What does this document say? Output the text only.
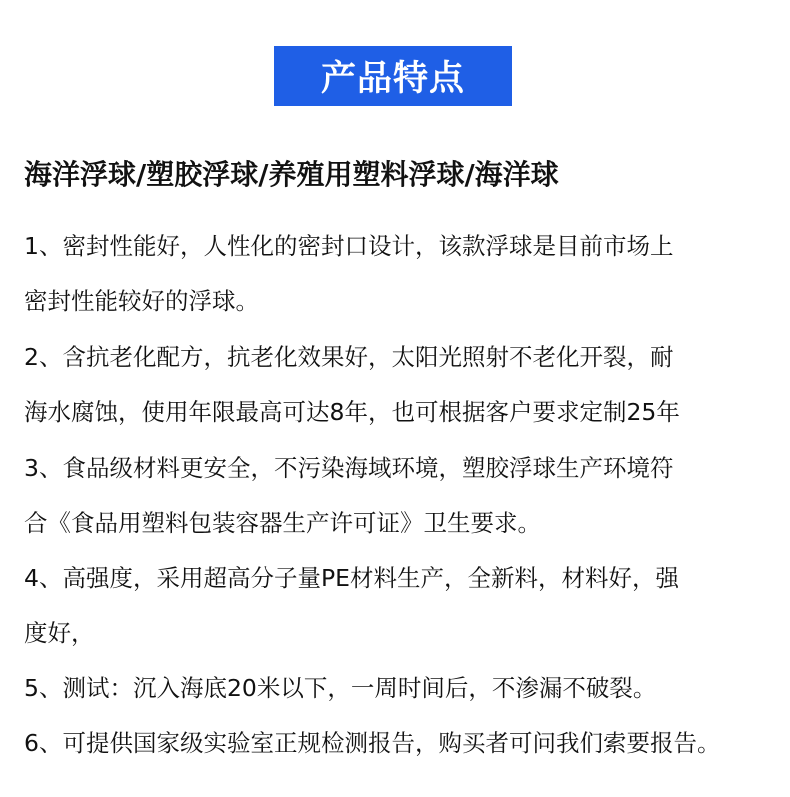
产品特点
海洋浮球/塑胶浮球/养殖用塑料浮球/海洋球
1、密封性能好，人性化的密封口设计，该款浮球是目前市场上
密封性能较好的浮球。
2、含抗老化配方，抗老化效果好，太阳光照射不老化开裂，耐
海水腐蚀，使用年限最高可达8年，也可根据客户要求定制25年
3、食品级材料更安全，不污染海域环境，塑胶浮球生产环境符
合《食品用塑料包装容器生产许可证》卫生要求。
4、高强度，采用超高分子量PE材料生产，全新料，材料好，强
度好，
5、测试：沉入海底20米以下，一周时间后，不渗漏不破裂。
6、可提供国家级实验室正规检测报告，购买者可问我们索要报告。
